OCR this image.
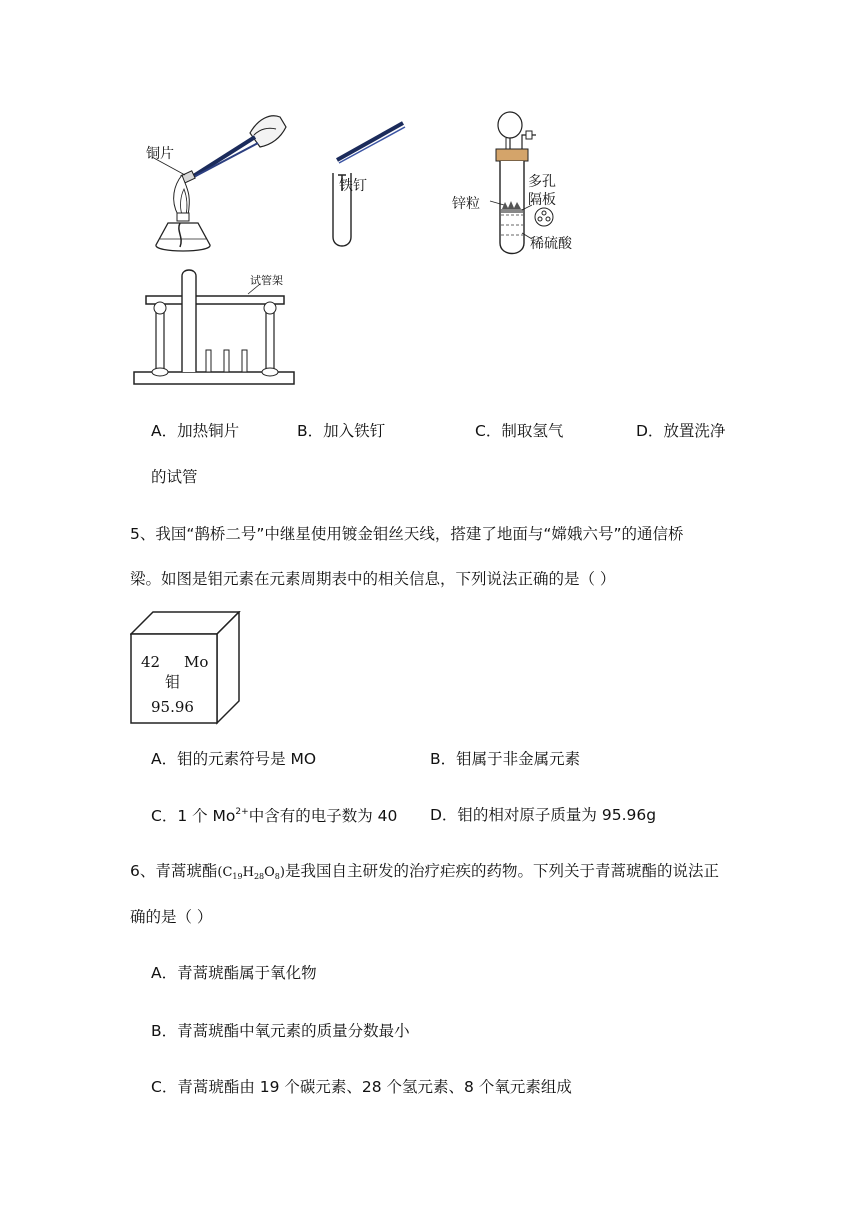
铜片
铁钉
锌粒
多孔
隔板
稀硫酸
试管架
A．加热铜片	B．加入铁钉	C．制取氢气	D．放置洗净
的试管
5、我国“鹊桥二号”中继星使用镀金钼丝天线，搭建了地面与“嫦娥六号”的通信桥
梁。如图是钼元素在元素周期表中的相关信息，下列说法正确的是（ ）
42 Mo
钼
95.96
A．钼的元素符号是 MO	B．钼属于非金属元素
C．1 个 $Mo^{2+}$中含有的电子数为 40 D．钼的相对原子质量为 95.96g
6、青蒿琥酯$(C_{19}H_{28}O_8)$是我国自主研发的治疗疟疾的药物。下列关于青蒿琥酯的说法正
确的是（ ）
A．青蒿琥酯属于氧化物
B．青蒿琥酯中氧元素的质量分数最小
C．青蒿琥酯由 19 个碳元素、28 个氢元素、8 个氧元素组成
